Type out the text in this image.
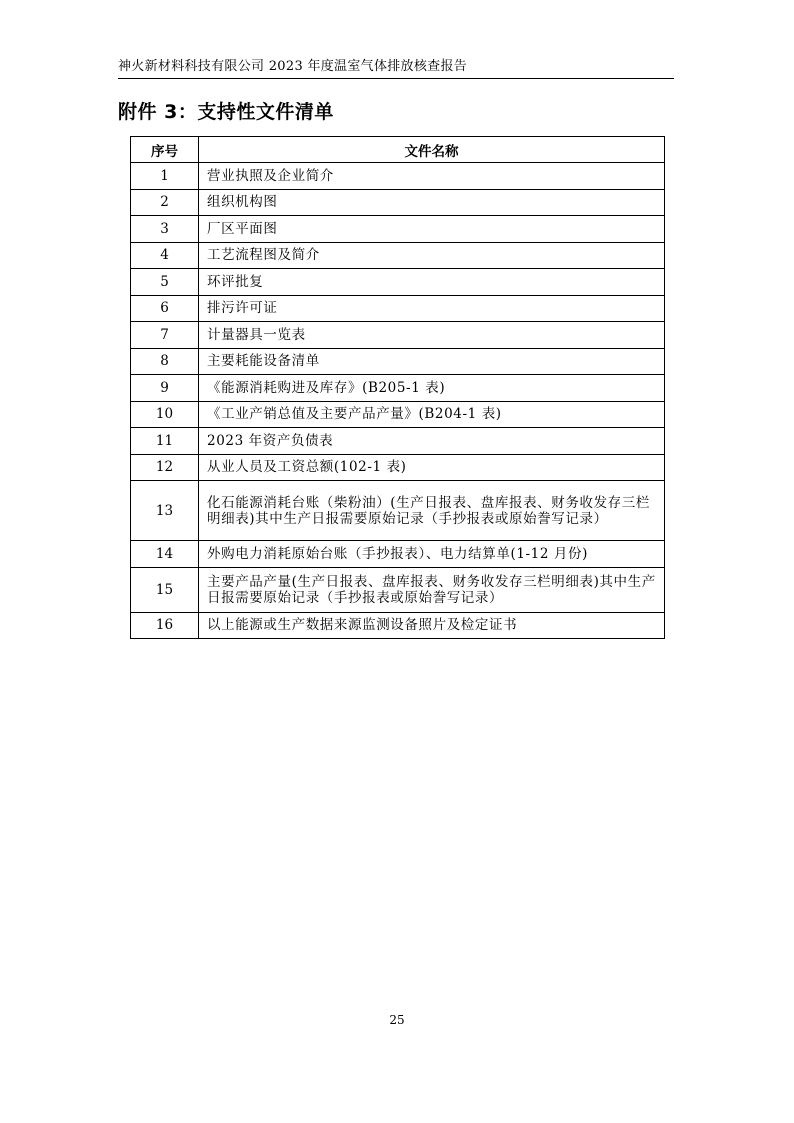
神火新材料科技有限公司 2023 年度温室气体排放核查报告
附件 3：支持性文件清单
序号	文件名称
1	营业执照及企业简介
2	组织机构图
3	厂区平面图
4	工艺流程图及简介
5	环评批复
6	排污许可证
7	计量器具一览表
8	主要耗能设备清单
9	《能源消耗购进及库存》(B205-1 表)
10	《工业产销总值及主要产品产量》(B204-1 表)
11	2023 年资产负债表
12	从业人员及工资总额(102-1 表)
13	化石能源消耗台账（柴粉油）(生产日报表、盘库报表、财务收发存三栏明细表)其中生产日报需要原始记录（手抄报表或原始誊写记录）
14	外购电力消耗原始台账（手抄报表）、电力结算单(1-12 月份)
15	主要产品产量(生产日报表、盘库报表、财务收发存三栏明细表)其中生产日报需要原始记录（手抄报表或原始誊写记录）
16	以上能源或生产数据来源监测设备照片及检定证书
25
